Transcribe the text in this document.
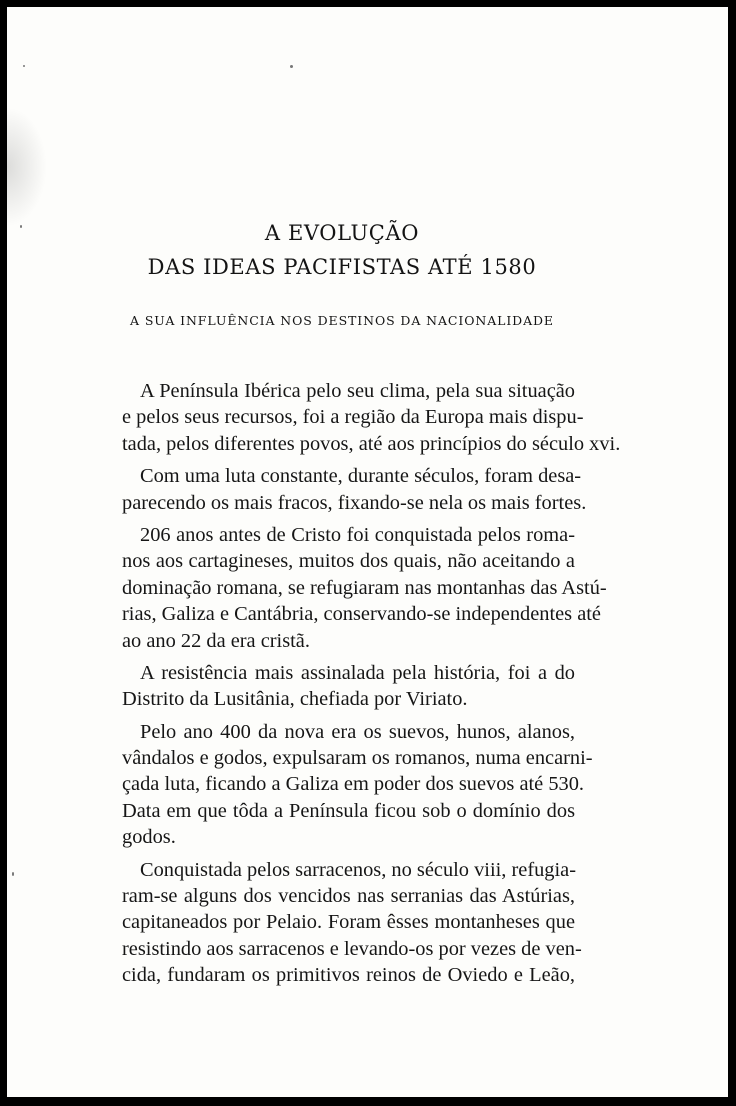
A EVOLUÇÃO
DAS IDEAS PACIFISTAS ATÉ 1580
A SUA INFLUÊNCIA NOS DESTINOS DA NACIONALIDADE
A Península Ibérica pelo seu clima, pela sua situação
e pelos seus recursos, foi a região da Europa mais dispu-
tada, pelos diferentes povos, até aos princípios do século xvi.
Com uma luta constante, durante séculos, foram desa-
parecendo os mais fracos, fixando-se nela os mais fortes.
206 anos antes de Cristo foi conquistada pelos roma-
nos aos cartagineses, muitos dos quais, não aceitando a
dominação romana, se refugiaram nas montanhas das Astú-
rias, Galiza e Cantábria, conservando-se independentes até
ao ano 22 da era cristã.
A resistência mais assinalada pela história, foi a do
Distrito da Lusitânia, chefiada por Viriato.
Pelo ano 400 da nova era os suevos, hunos, alanos,
vândalos e godos, expulsaram os romanos, numa encarni-
çada luta, ficando a Galiza em poder dos suevos até 530.
Data em que tôda a Península ficou sob o domínio dos
godos.
Conquistada pelos sarracenos, no século viii, refugia-
ram-se alguns dos vencidos nas serranias das Astúrias,
capitaneados por Pelaio. Foram êsses montanheses que
resistindo aos sarracenos e levando-os por vezes de ven-
cida, fundaram os primitivos reinos de Oviedo e Leão,
